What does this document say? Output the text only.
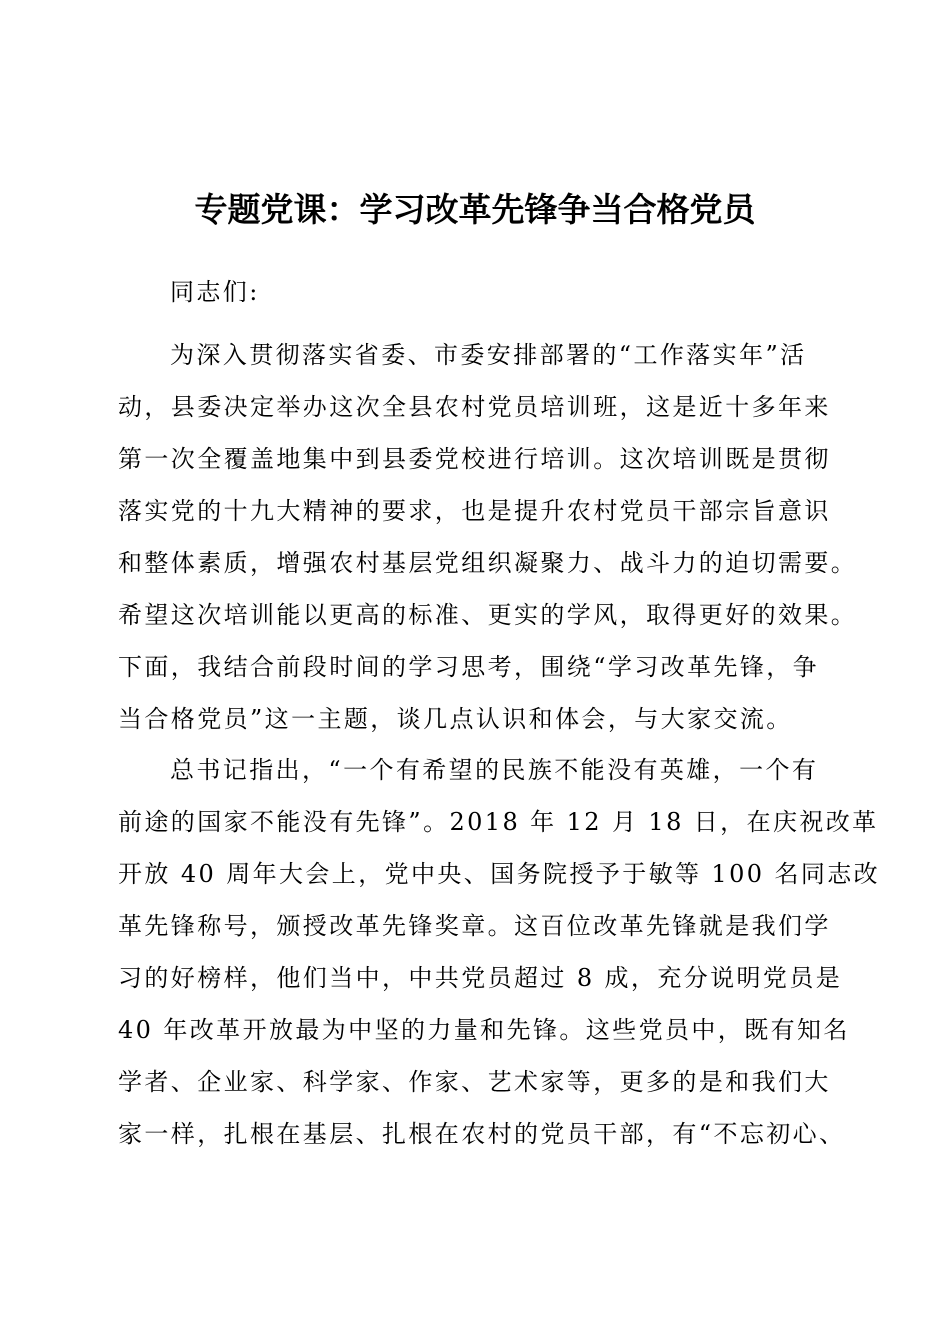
专题党课：学习改革先锋争当合格党员
同志们:
为深入贯彻落实省委、市委安排部署的“工作落实年”活
动，县委决定举办这次全县农村党员培训班，这是近十多年来
第一次全覆盖地集中到县委党校进行培训。这次培训既是贯彻
落实党的十九大精神的要求，也是提升农村党员干部宗旨意识
和整体素质，增强农村基层党组织凝聚力、战斗力的迫切需要。
希望这次培训能以更高的标准、更实的学风，取得更好的效果。
下面，我结合前段时间的学习思考，围绕“学习改革先锋，争
当合格党员”这一主题，谈几点认识和体会，与大家交流。
总书记指出，“一个有希望的民族不能没有英雄，一个有
前途的国家不能没有先锋”。2018 年 12 月 18 日，在庆祝改革
开放 40 周年大会上，党中央、国务院授予于敏等 100 名同志改
革先锋称号，颁授改革先锋奖章。这百位改革先锋就是我们学
习的好榜样，他们当中，中共党员超过 8 成，充分说明党员是
40 年改革开放最为中坚的力量和先锋。这些党员中，既有知名
学者、企业家、科学家、作家、艺术家等，更多的是和我们大
家一样，扎根在基层、扎根在农村的党员干部，有“不忘初心、
